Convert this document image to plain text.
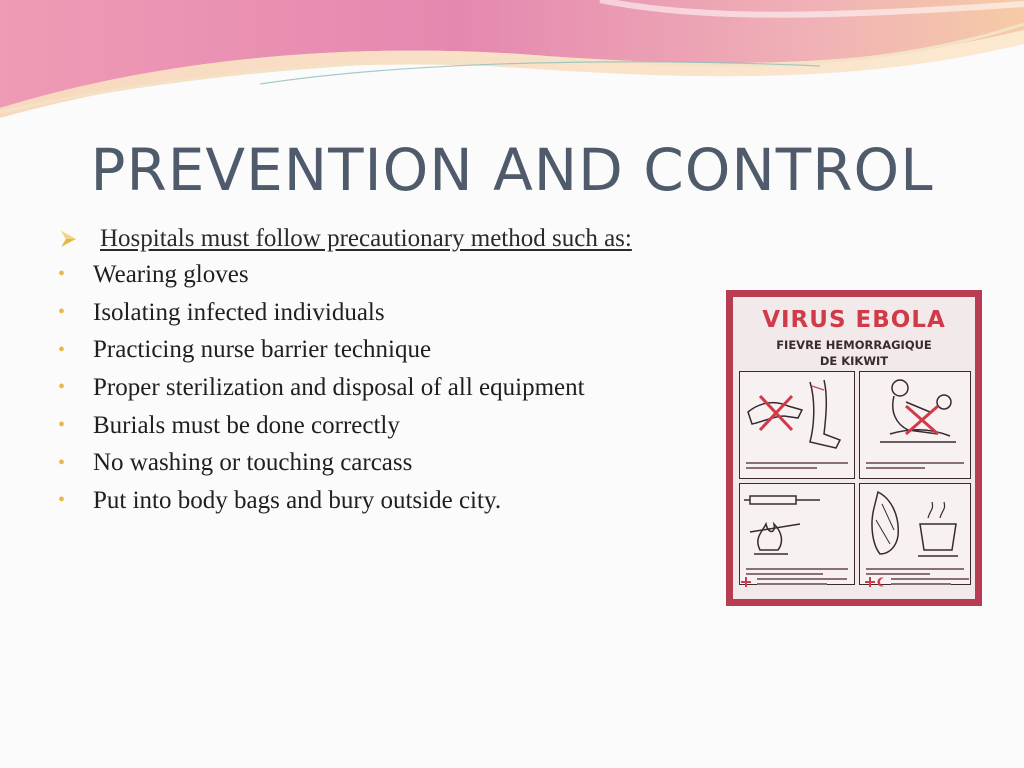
PREVENTION AND CONTROL
Hospitals must follow precautionary method such as:
•	Wearing gloves
•	Isolating infected individuals
•	Practicing nurse barrier technique
•	Proper sterilization and disposal of all equipment
•	Burials must be done correctly
•	No washing or touching carcass
•	Put into body bags and bury outside city.
VIRUS EBOLA
FIEVRE HEMORRAGIQUE
DE KIKWIT
